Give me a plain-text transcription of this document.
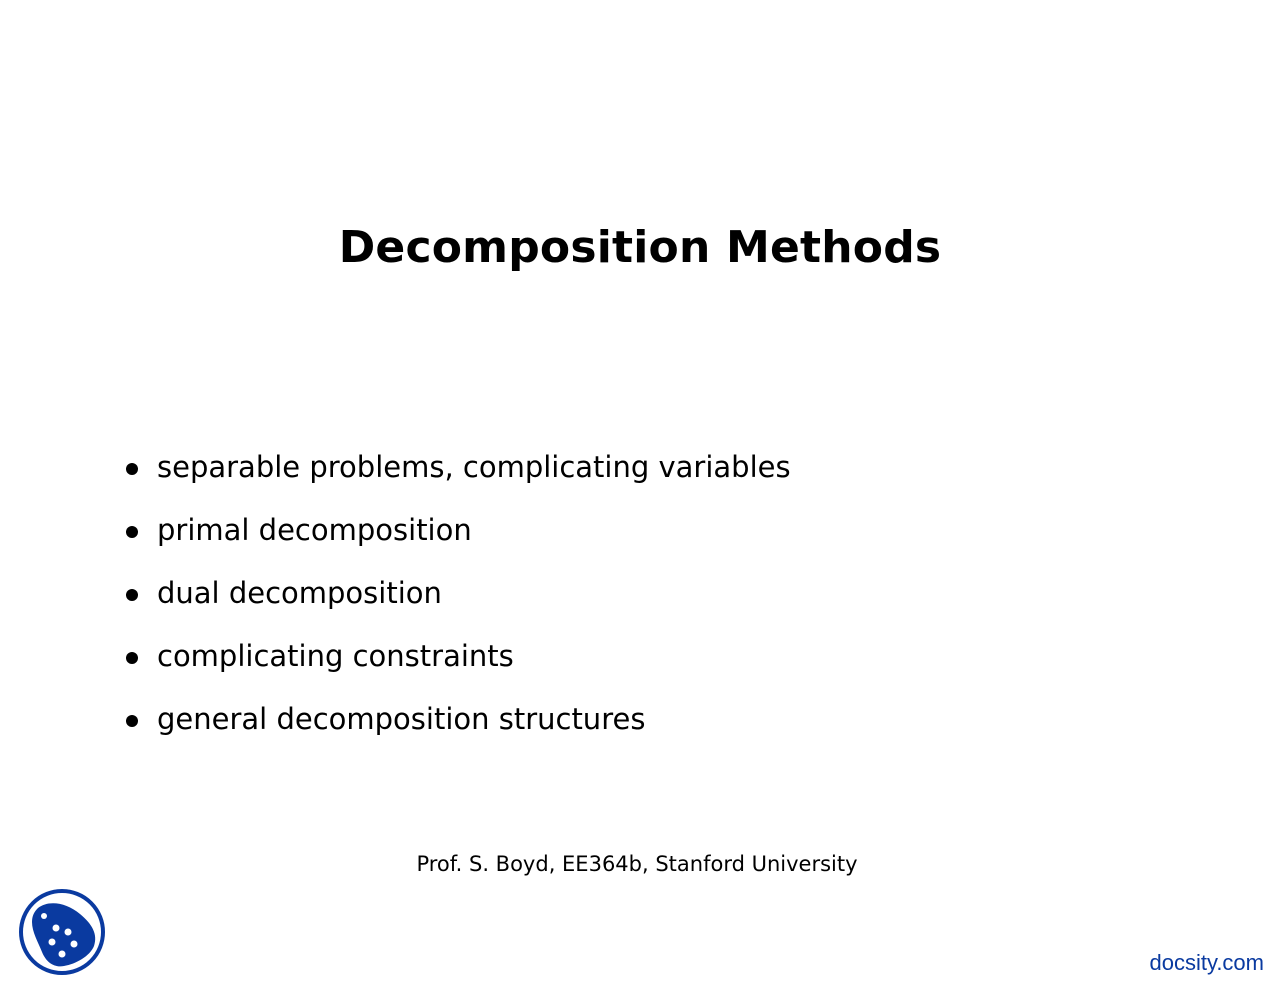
Decomposition Methods
separable problems, complicating variables
primal decomposition
dual decomposition
complicating constraints
general decomposition structures

Prof. S. Boyd, EE364b, Stanford University

docsity.com
